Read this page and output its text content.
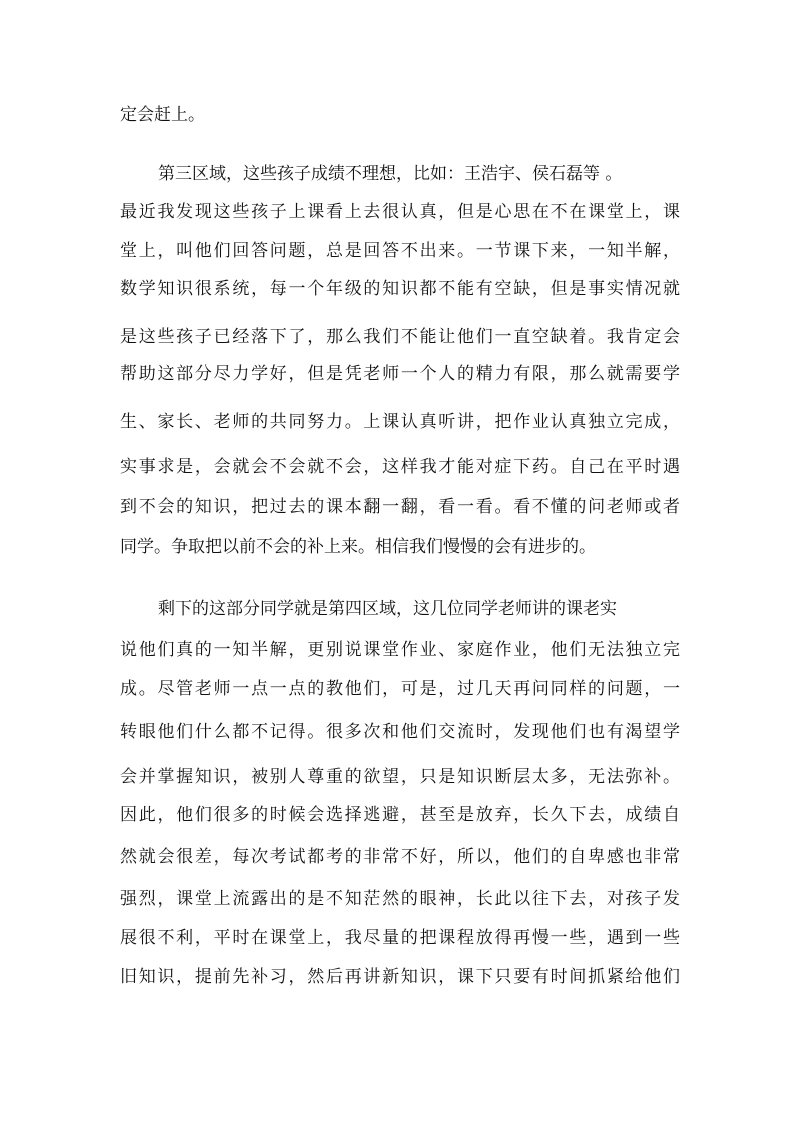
定会赶上。
第三区域，这些孩子成绩不理想，比如：王浩宇、侯石磊等 。
最近我发现这些孩子上课看上去很认真，但是心思在不在课堂上，课
堂上，叫他们回答问题，总是回答不出来。一节课下来，一知半解，
数学知识很系统，每一个年级的知识都不能有空缺，但是事实情况就
是这些孩子已经落下了，那么我们不能让他们一直空缺着。我肯定会
帮助这部分尽力学好，但是凭老师一个人的精力有限，那么就需要学
生、家长、老师的共同努力。上课认真听讲，把作业认真独立完成，
实事求是，会就会不会就不会，这样我才能对症下药。自己在平时遇
到不会的知识，把过去的课本翻一翻，看一看。看不懂的问老师或者
同学。争取把以前不会的补上来。相信我们慢慢的会有进步的。
剩下的这部分同学就是第四区域，这几位同学老师讲的课老实
说他们真的一知半解，更别说课堂作业、家庭作业，他们无法独立完
成。尽管老师一点一点的教他们，可是，过几天再问同样的问题，一
转眼他们什么都不记得。很多次和他们交流时，发现他们也有渴望学
会并掌握知识，被别人尊重的欲望，只是知识断层太多，无法弥补。
因此，他们很多的时候会选择逃避，甚至是放弃，长久下去，成绩自
然就会很差，每次考试都考的非常不好，所以，他们的自卑感也非常
强烈，课堂上流露出的是不知茫然的眼神，长此以往下去，对孩子发
展很不利，平时在课堂上，我尽量的把课程放得再慢一些，遇到一些
旧知识，提前先补习，然后再讲新知识，课下只要有时间抓紧给他们
